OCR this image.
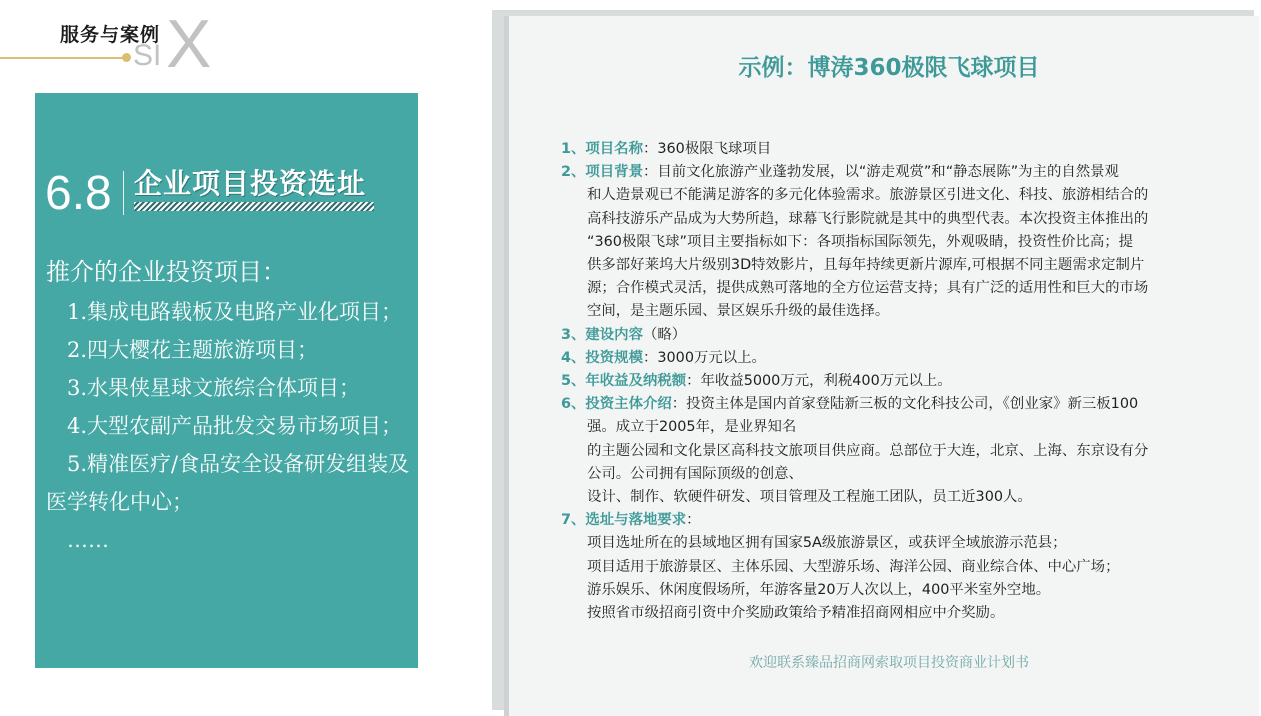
服务与案例
SI X
6.8 企业项目投资选址
推介的企业投资项目：
1.集成电路载板及电路产业化项目；
2.四大樱花主题旅游项目；
3.水果侠星球文旅综合体项目；
4.大型农副产品批发交易市场项目；
5.精准医疗/食品安全设备研发组装及医学转化中心；
……
示例：博涛360极限飞球项目
1、项目名称：360极限飞球项目
2、项目背景：目前文化旅游产业蓬勃发展，以“游走观赏”和“静态展陈”为主的自然景观
和人造景观已不能满足游客的多元化体验需求。旅游景区引进文化、科技、旅游相结合的
高科技游乐产品成为大势所趋，球幕飞行影院就是其中的典型代表。本次投资主体推出的
“360极限飞球”项目主要指标如下：各项指标国际领先，外观吸睛，投资性价比高；提
供多部好莱坞大片级别3D特效影片，且每年持续更新片源库,可根据不同主题需求定制片
源；合作模式灵活，提供成熟可落地的全方位运营支持；具有广泛的适用性和巨大的市场
空间，是主题乐园、景区娱乐升级的最佳选择。
3、建设内容（略）
4、投资规模：3000万元以上。
5、年收益及纳税额：年收益5000万元，利税400万元以上。
6、投资主体介绍：投资主体是国内首家登陆新三板的文化科技公司，《创业家》新三板100
强。成立于2005年，是业界知名
的主题公园和文化景区高科技文旅项目供应商。总部位于大连，北京、上海、东京设有分
公司。公司拥有国际顶级的创意、
设计、制作、软硬件研发、项目管理及工程施工团队，员工近300人。
7、选址与落地要求：
项目选址所在的县域地区拥有国家5A级旅游景区，或获评全域旅游示范县；
项目适用于旅游景区、主体乐园、大型游乐场、海洋公园、商业综合体、中心广场；
游乐娱乐、休闲度假场所，年游客量20万人次以上，400平米室外空地。
按照省市级招商引资中介奖励政策给予精准招商网相应中介奖励。
欢迎联系臻品招商网索取项目投资商业计划书
